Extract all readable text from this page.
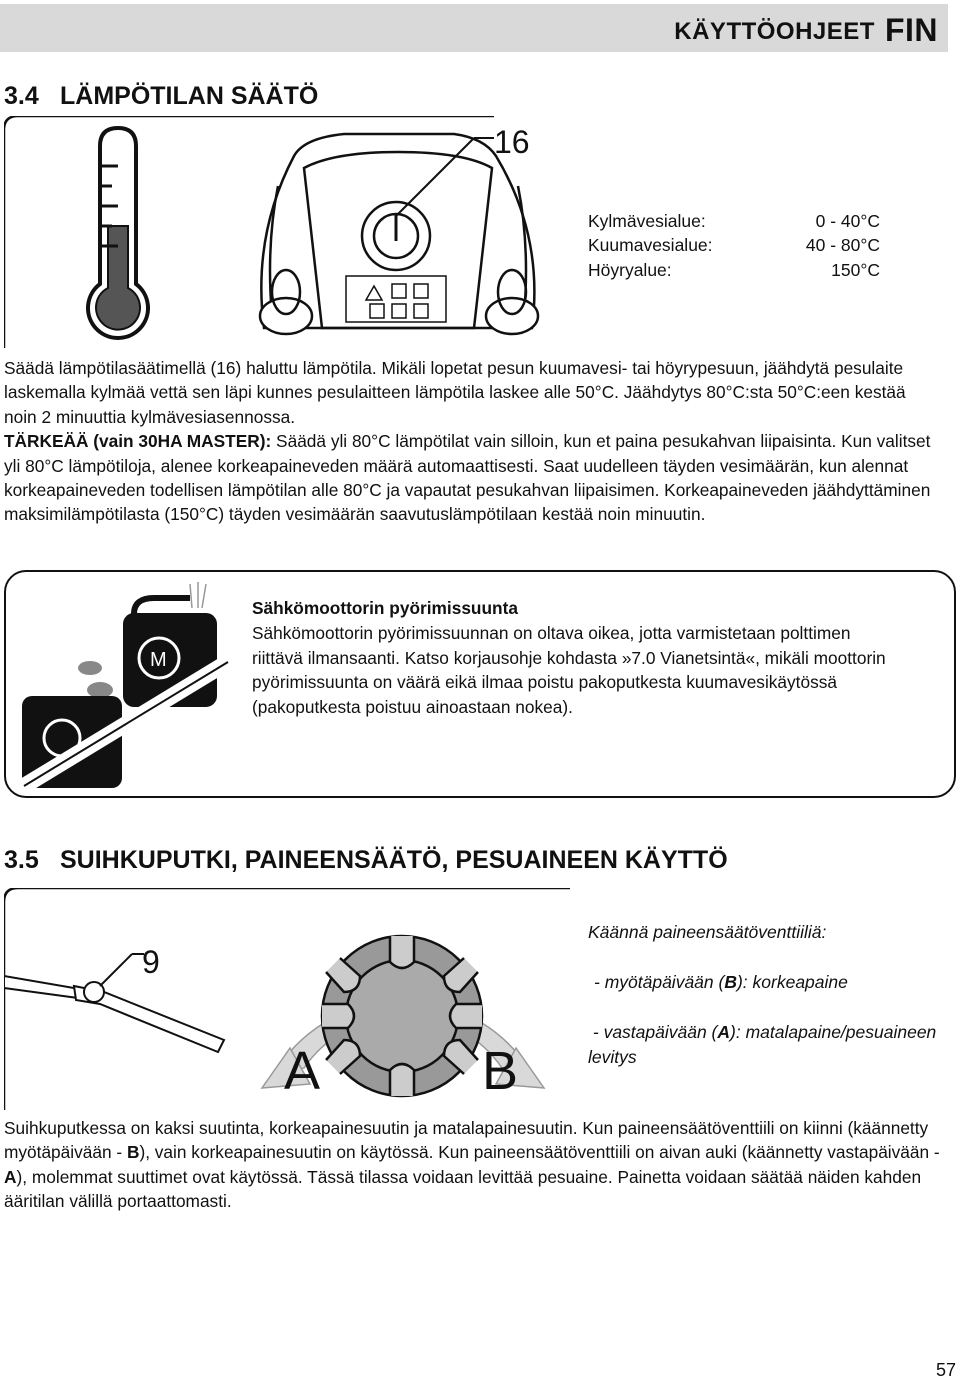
KÄYTTÖOHJEET FIN
3.4 LÄMPÖTILAN SÄÄTÖ
16
Kylmävesialue:	0 - 40°C
Kuumavesialue:	40 - 80°C
Höyryalue:	150°C
Säädä lämpötilasäätimellä (16) haluttu lämpötila. Mikäli lopetat pesun kuumavesi- tai höyrypesuun, jäähdytä pesulaite laskemalla kylmää vettä sen läpi kunnes pesulaitteen lämpötila laskee alle 50°C. Jäähdytys 80°C:sta 50°C:een kestää noin 2 minuuttia kylmävesiasennossa.
TÄRKEÄÄ (vain 30HA MASTER): Säädä yli 80°C lämpötilat vain silloin, kun et paina pesukahvan liipaisinta. Kun valitset yli 80°C lämpötiloja, alenee korkeapaineveden määrä automaattisesti. Saat uudelleen täyden vesimäärän, kun alennat korkeapaineveden todellisen lämpötilan alle 80°C ja vapautat pesukahvan liipaisimen. Korkeapaineveden jäähdyttäminen maksimilämpötilasta (150°C) täyden vesimäärän saavutuslämpötilaan kestää noin minuutin.
M
Sähkömoottorin pyörimissuunta
Sähkömoottorin pyörimissuunnan on oltava oikea, jotta varmistetaan polttimen riittävä ilmansaanti. Katso korjausohje kohdasta »7.0 Vianetsintä«, mikäli moottorin pyörimissuunta on väärä eikä ilmaa poistu pakoputkesta kuumavesikäytössä (pakoputkesta poistuu ainoastaan nokea).
3.5 SUIHKUPUTKI, PAINEENSÄÄTÖ, PESUAINEEN KÄYTTÖ
9
A	B
Käännä paineensäätöventtiiliä:
- myötäpäivään (B): korkeapaine
- vastapäivään (A): matalapaine/pesuaineen levitys
Suihkuputkessa on kaksi suutinta, korkeapainesuutin ja matalapainesuutin. Kun paineensäätöventtiili on kiinni (käännetty myötäpäivään - B), vain korkeapainesuutin on käytössä. Kun paineensäätöventtiili on aivan auki (käännetty vastapäivään - A), molemmat suuttimet ovat käytössä. Tässä tilassa voidaan levittää pesuaine. Painetta voidaan säätää näiden kahden ääritilan välillä portaattomasti.
57
